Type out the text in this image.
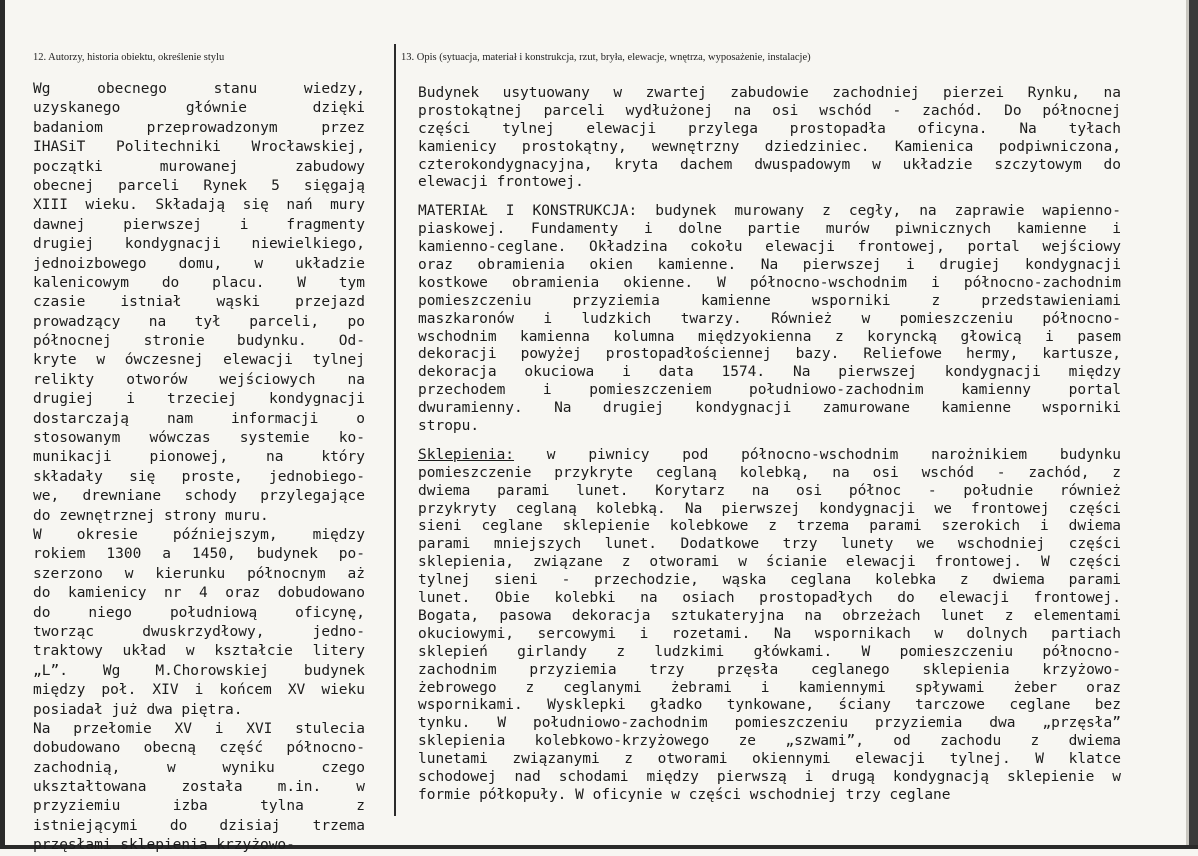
12. Autorzy, historia obiektu, określenie stylu	13. Opis (sytuacja, materiał i konstrukcja, rzut, bryła, elewacje, wnętrza, wyposażenie, instalacje)
Wg obecnego stanu wiedzy,
uzyskanego głównie dzięki
badaniom przeprowadzonym przez
IHASiT Politechniki Wrocławskiej,
początki murowanej zabudowy
obecnej parceli Rynek 5 sięgają
XIII wieku. Składają się nań mury
dawnej pierwszej i fragmenty
drugiej kondygnacji niewielkiego,
jednoizbowego domu, w układzie
kalenicowym do placu. W tym
czasie istniał wąski przejazd
prowadzący na tył parceli, po
północnej stronie budynku. Od-
kryte w ówczesnej elewacji tylnej
relikty otworów wejściowych na
drugiej i trzeciej kondygnacji
dostarczają nam informacji o
stosowanym wówczas systemie ko-
munikacji pionowej, na który
składały się proste, jednobiego-
we, drewniane schody przylegające
do zewnętrznej strony muru.
W okresie późniejszym, między
rokiem 1300 a 1450, budynek po-
szerzono w kierunku północnym aż
do kamienicy nr 4 oraz dobudowano
do niego południową oficynę,
tworząc dwuskrzydłowy, jedno-
traktowy układ w kształcie litery
„L”. Wg M.Chorowskiej budynek
między poł. XIV i końcem XV wieku
posiadał już dwa piętra.
Na przełomie XV i XVI stulecia
dobudowano obecną część północno-
zachodnią, w wyniku czego
ukształtowana została m.in. w
przyziemiu izba tylna z
istniejącymi do dzisiaj trzema
przęsłami sklepienia krzyżowo-
Budynek usytuowany w zwartej zabudowie zachodniej pierzei Rynku, na
prostokątnej parceli wydłużonej na osi wschód - zachód. Do północnej
części tylnej elewacji przylega prostopadła oficyna. Na tyłach
kamienicy prostokątny, wewnętrzny dziedziniec. Kamienica podpiwniczona,
czterokondygnacyjna, kryta dachem dwuspadowym w układzie szczytowym do
elewacji frontowej.
MATERIAŁ I KONSTRUKCJA: budynek murowany z cegły, na zaprawie wapienno-
piaskowej. Fundamenty i dolne partie murów piwnicznych kamienne i
kamienno-ceglane. Okładzina cokołu elewacji frontowej, portal wejściowy
oraz obramienia okien kamienne. Na pierwszej i drugiej kondygnacji
kostkowe obramienia okienne. W północno-wschodnim i północno-zachodnim
pomieszczeniu przyziemia kamienne wsporniki z przedstawieniami
maszkaronów i ludzkich twarzy. Również w pomieszczeniu północno-
wschodnim kamienna kolumna międzyokienna z koryncką głowicą i pasem
dekoracji powyżej prostopadłościennej bazy. Reliefowe hermy, kartusze,
dekoracja okuciowa i data 1574. Na pierwszej kondygnacji między
przechodem i pomieszczeniem południowo-zachodnim kamienny portal
dwuramienny. Na drugiej kondygnacji zamurowane kamienne wsporniki
stropu.
Sklepienia: w piwnicy pod północno-wschodnim narożnikiem budynku
pomieszczenie przykryte ceglaną kolebką, na osi wschód - zachód, z
dwiema parami lunet. Korytarz na osi północ - południe również
przykryty ceglaną kolebką. Na pierwszej kondygnacji we frontowej części
sieni ceglane sklepienie kolebkowe z trzema parami szerokich i dwiema
parami mniejszych lunet. Dodatkowe trzy lunety we wschodniej części
sklepienia, związane z otworami w ścianie elewacji frontowej. W części
tylnej sieni - przechodzie, wąska ceglana kolebka z dwiema parami
lunet. Obie kolebki na osiach prostopadłych do elewacji frontowej.
Bogata, pasowa dekoracja sztukateryjna na obrzeżach lunet z elementami
okuciowymi, sercowymi i rozetami. Na wspornikach w dolnych partiach
sklepień girlandy z ludzkimi główkami. W pomieszczeniu północno-
zachodnim przyziemia trzy przęsła ceglanego sklepienia krzyżowo-
żebrowego z ceglanymi żebrami i kamiennymi spływami żeber oraz
wspornikami. Wysklepki gładko tynkowane, ściany tarczowe ceglane bez
tynku. W południowo-zachodnim pomieszczeniu przyziemia dwa „przęsła”
sklepienia kolebkowo-krzyżowego ze „szwami”, od zachodu z dwiema
lunetami związanymi z otworami okiennymi elewacji tylnej. W klatce
schodowej nad schodami między pierwszą i drugą kondygnacją sklepienie w
formie półkopuły. W oficynie w części wschodniej trzy ceglane
